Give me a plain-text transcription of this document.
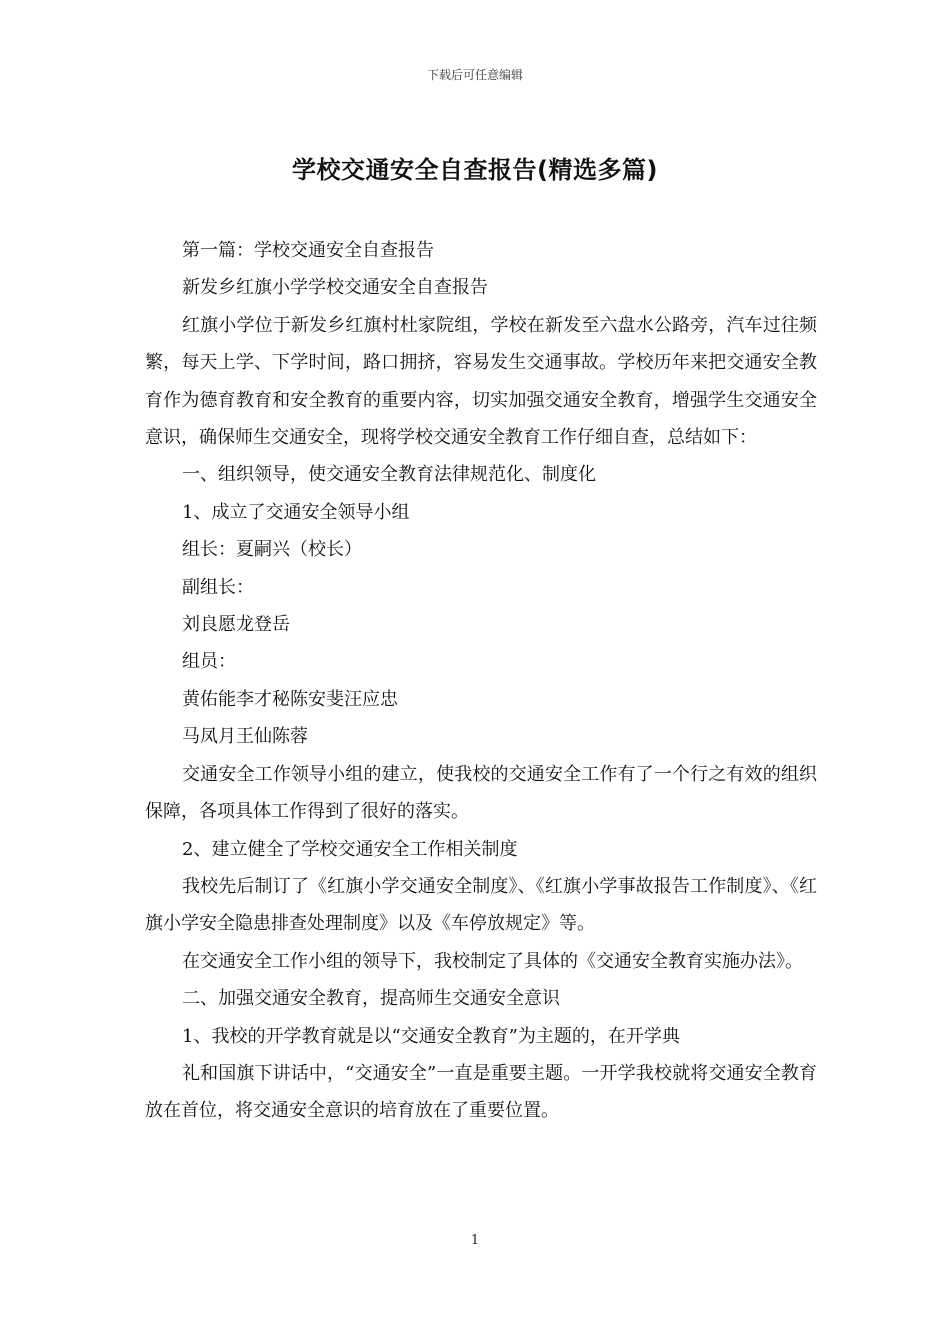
下载后可任意编辑
学校交通安全自查报告(精选多篇)

第一篇：学校交通安全自查报告

新发乡红旗小学学校交通安全自查报告

红旗小学位于新发乡红旗村杜家院组，学校在新发至六盘水公路旁，汽车过往频繁，每天上学、下学时间，路口拥挤，容易发生交通事故。学校历年来把交通安全教育作为德育教育和安全教育的重要内容，切实加强交通安全教育，增强学生交通安全意识，确保师生交通安全，现将学校交通安全教育工作仔细自查，总结如下：

一、组织领导，使交通安全教育法律规范化、制度化

1、成立了交通安全领导小组

组长：夏嗣兴（校长）

副组长：

刘良愿龙登岳

组员：

黄佑能李才秘陈安斐汪应忠

马凤月王仙陈蓉

交通安全工作领导小组的建立，使我校的交通安全工作有了一个行之有效的组织保障，各项具体工作得到了很好的落实。

2、建立健全了学校交通安全工作相关制度

我校先后制订了《红旗小学交通安全制度》、《红旗小学事故报告工作制度》、《红旗小学安全隐患排查处理制度》以及《车停放规定》等。

在交通安全工作小组的领导下，我校制定了具体的《交通安全教育实施办法》。

二、加强交通安全教育，提高师生交通安全意识

1、我校的开学教育就是以“交通安全教育”为主题的，在开学典

礼和国旗下讲话中，“交通安全”一直是重要主题。一开学我校就将交通安全教育放在首位，将交通安全意识的培育放在了重要位置。

1
